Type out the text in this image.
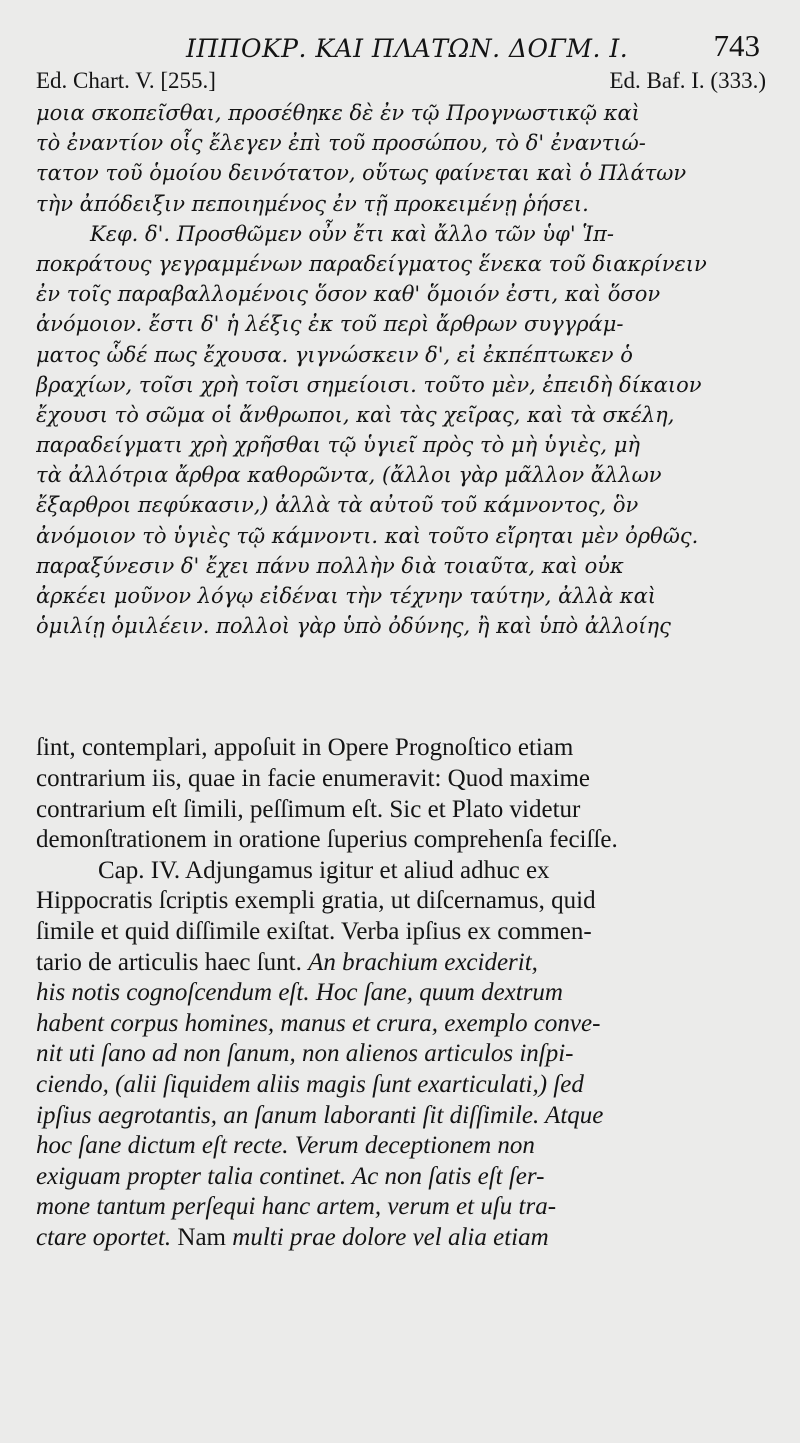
ΙΠΠΟΚΡ. ΚΑΙ ΠΛΑΤΩΝ. ΔΟΓΜ. Ι.	743
Ed. Chart. V. [255.]	Ed. Baf. I. (333.)
μοια σκοπεῖσθαι, προσέθηκε δὲ ἐν τῷ Προγνωστικῷ καὶ
τὸ ἐναντίον οἷς ἔλεγεν ἐπὶ τοῦ προσώπου, τὸ δ' ἐναντιώ-
τατον τοῦ ὁμοίου δεινότατον, οὕτως φαίνεται καὶ ὁ Πλάτων
τὴν ἀπόδειξιν πεποιημένος ἐν τῇ προκειμένῃ ῥήσει.
Κεφ. δ'. Προσθῶμεν οὖν ἔτι καὶ ἄλλο τῶν ὑφ' Ἱπ-
ποκράτους γεγραμμένων παραδείγματος ἕνεκα τοῦ διακρίνειν
ἐν τοῖς παραβαλλομένοις ὅσον καθ' ὅμοιόν ἐστι, καὶ ὅσον
ἀνόμοιον. ἔστι δ' ἡ λέξις ἐκ τοῦ περὶ ἄρθρων συγγράμ-
ματος ὧδέ πως ἔχουσα. γιγνώσκειν δ', εἰ ἐκπέπτωκεν ὁ
βραχίων, τοῖσι χρὴ τοῖσι σημείοισι. τοῦτο μὲν, ἐπειδὴ δίκαιον
ἔχουσι τὸ σῶμα οἱ ἄνθρωποι, καὶ τὰς χεῖρας, καὶ τὰ σκέλη,
παραδείγματι χρὴ χρῆσθαι τῷ ὑγιεῖ πρὸς τὸ μὴ ὑγιὲς, μὴ
τὰ ἀλλότρια ἄρθρα καθορῶντα, (ἄλλοι γὰρ μᾶλλον ἄλλων
ἔξαρθροι πεφύκασιν,) ἀλλὰ τὰ αὐτοῦ τοῦ κάμνοντος, ὃν
ἀνόμοιον τὸ ὑγιὲς τῷ κάμνοντι. καὶ τοῦτο εἴρηται μὲν ὀρθῶς.
παραξύνεσιν δ' ἔχει πάνυ πολλὴν διὰ τοιαῦτα, καὶ οὐκ
ἀρκέει μοῦνον λόγῳ εἰδέναι τὴν τέχνην ταύτην, ἀλλὰ καὶ
ὁμιλίῃ ὁμιλέειν. πολλοὶ γὰρ ὑπὸ ὀδύνης, ἢ καὶ ὑπὸ ἀλλοίης
ſint, contemplari, appoſuit in Opere Prognoſtico etiam
contrarium iis, quae in facie enumeravit: Quod maxime
contrarium eſt ſimili, peſſimum eſt. Sic et Plato videtur
demonſtrationem in oratione ſuperius comprehenſa feciſſe.
Cap. IV. Adjungamus igitur et aliud adhuc ex
Hippocratis ſcriptis exempli gratia, ut diſcernamus, quid
ſimile et quid diſſimile exiſtat. Verba ipſius ex commen-
tario de articulis haec ſunt. An brachium exciderit,
his notis cognoſcendum eſt. Hoc ſane, quum dextrum
habent corpus homines, manus et crura, exemplo conve-
nit uti ſano ad non ſanum, non alienos articulos inſpi-
ciendo, (alii ſiquidem aliis magis ſunt exarticulati,) ſed
ipſius aegrotantis, an ſanum laboranti ſit diſſimile. Atque
hoc ſane dictum eſt recte. Verum deceptionem non
exiguam propter talia continet. Ac non ſatis eſt ſer-
mone tantum perſequi hanc artem, verum et uſu tra-
ctare oportet. Nam multi prae dolore vel alia etiam
